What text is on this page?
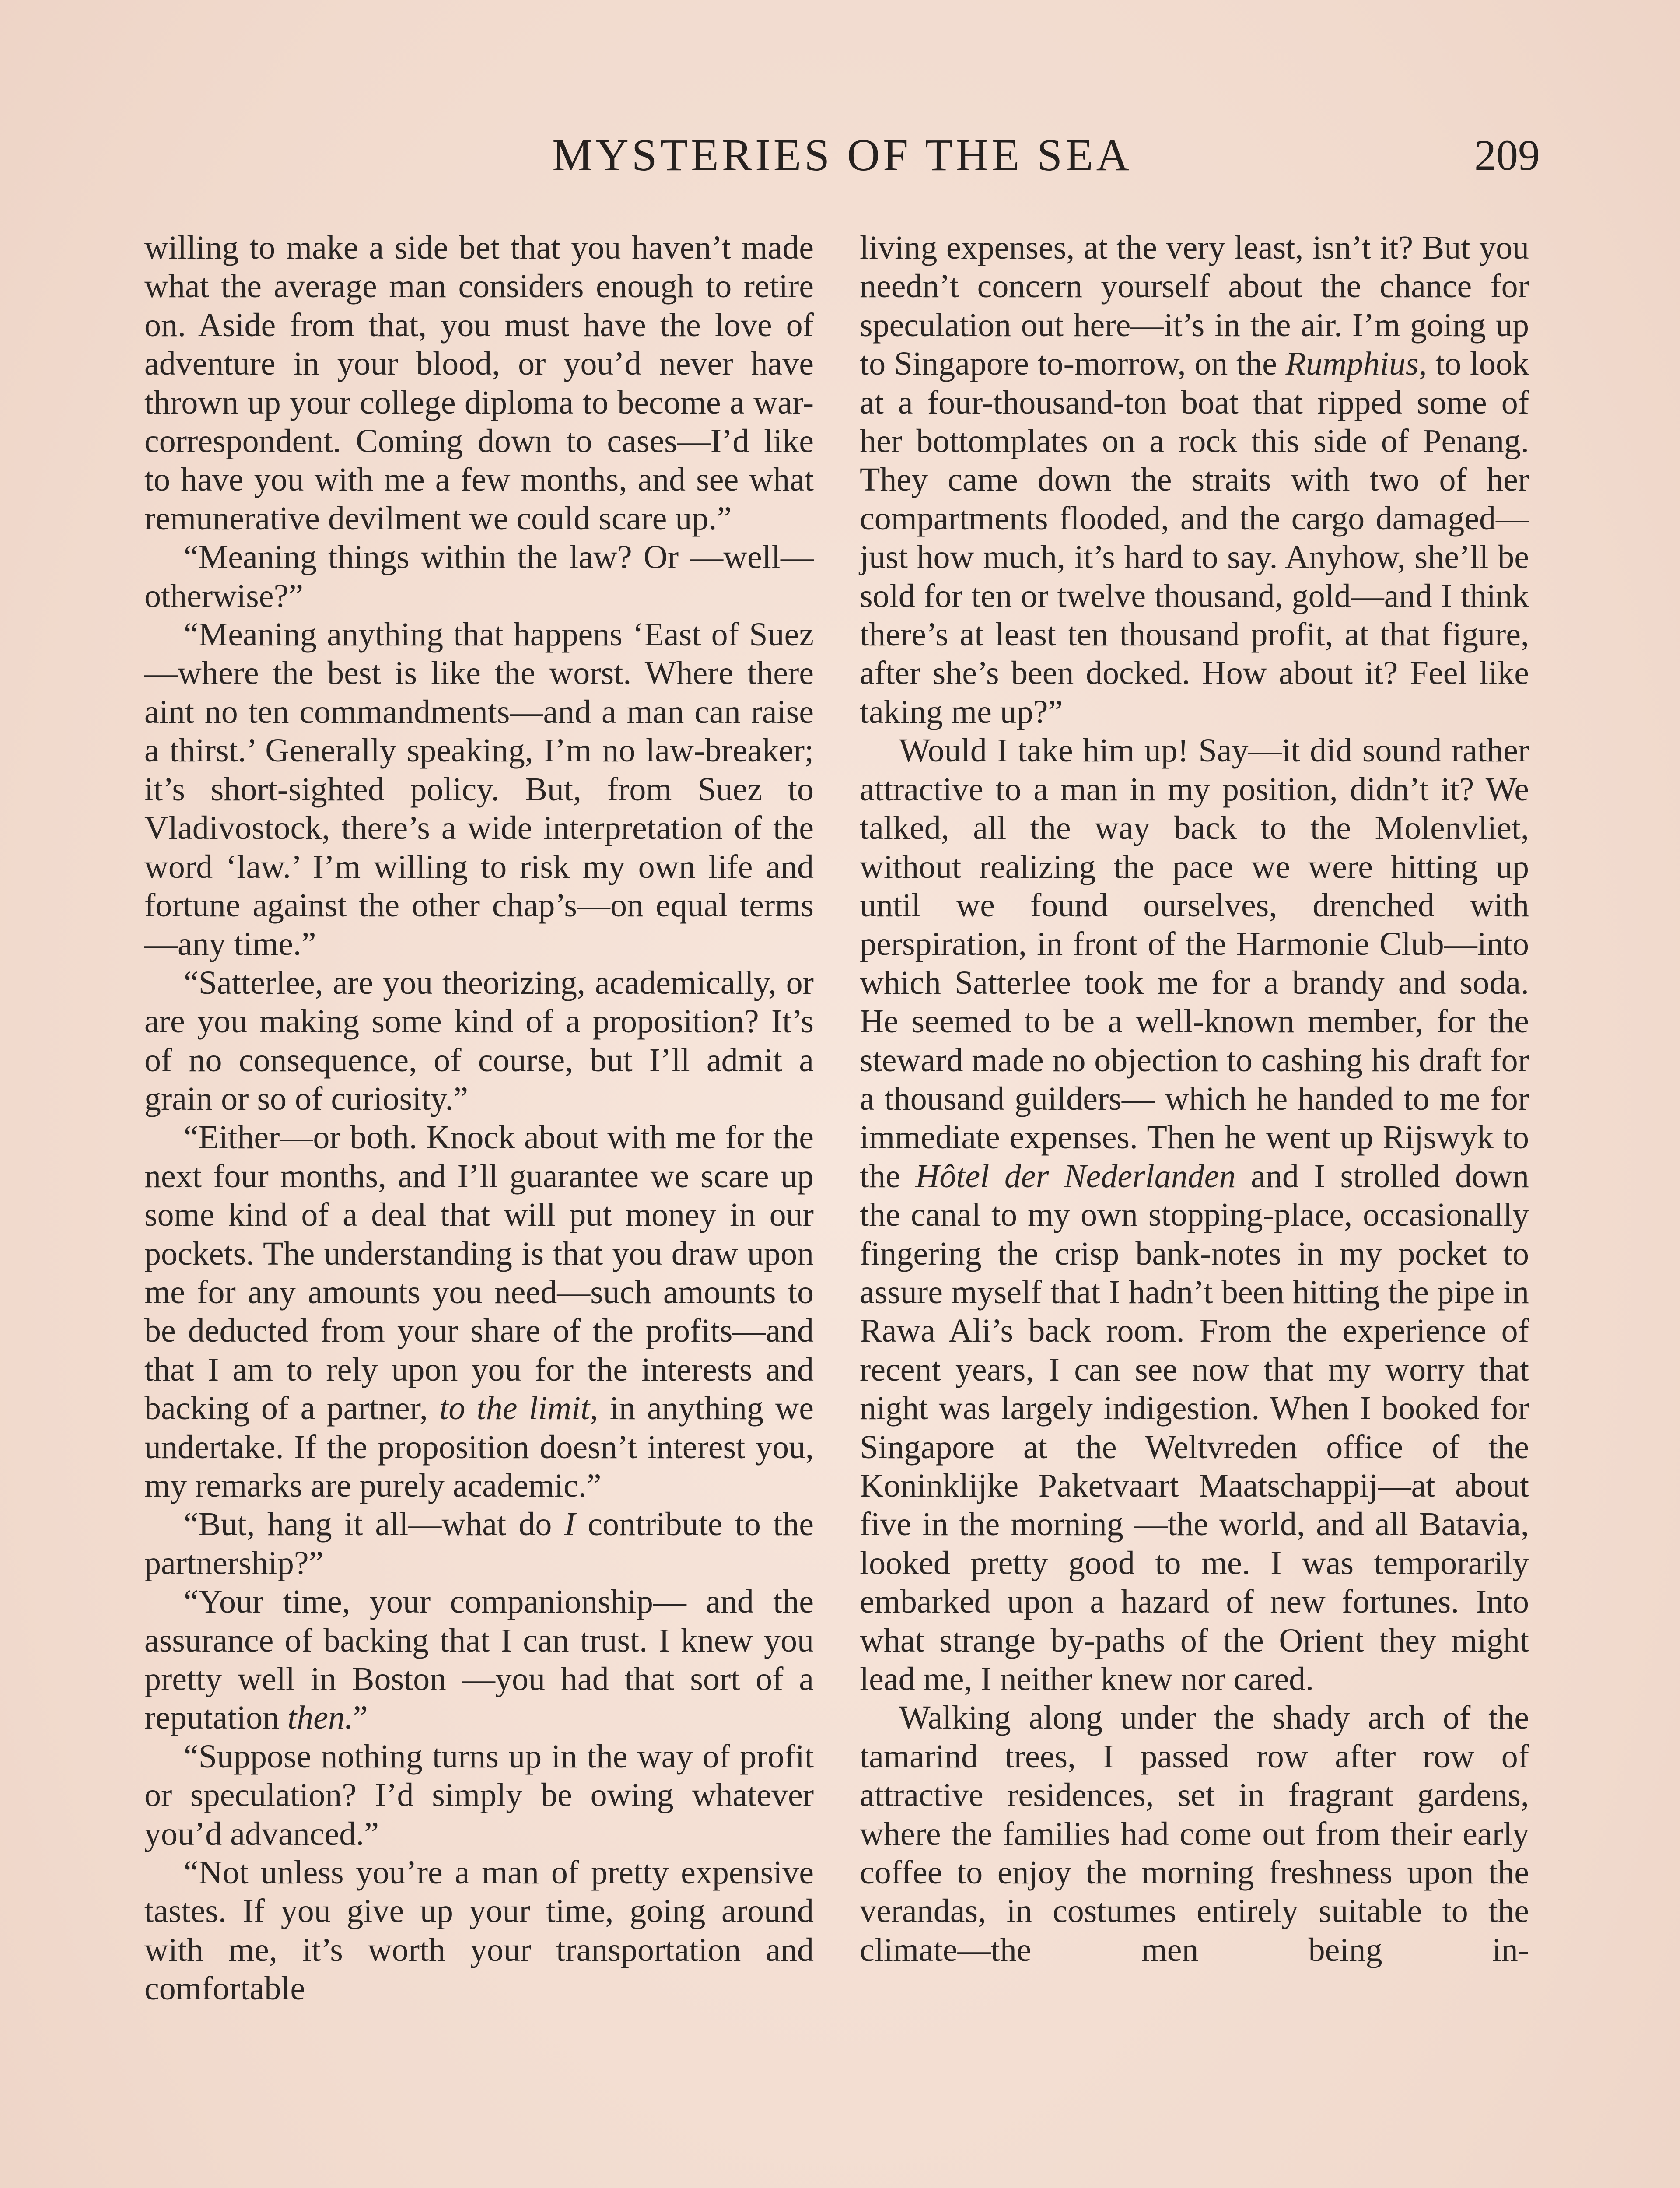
MYSTERIES OF THE SEA	209

willing to make a side bet that you haven’t made what the average man considers enough to retire on. Aside from that, you must have the love of adventure in your blood, or you’d never have thrown up your college diploma to become a war-correspondent. Coming down to cases—I’d like to have you with me a few months, and see what remunerative devilment we could scare up.”

“Meaning things within the law? Or —well—otherwise?”

“Meaning anything that happens ‘East of Suez—where the best is like the worst. Where there aint no ten commandments—and a man can raise a thirst.’ Generally speaking, I’m no law-breaker; it’s short-sighted policy. But, from Suez to Vladivostock, there’s a wide interpretation of the word ‘law.’ I’m willing to risk my own life and fortune against the other chap’s—on equal terms—any time.”

“Satterlee, are you theorizing, academically, or are you making some kind of a proposition? It’s of no consequence, of course, but I’ll admit a grain or so of curiosity.”

“Either—or both. Knock about with me for the next four months, and I’ll guarantee we scare up some kind of a deal that will put money in our pockets. The understanding is that you draw upon me for any amounts you need—such amounts to be deducted from your share of the profits—and that I am to rely upon you for the interests and backing of a partner, to the limit, in anything we undertake. If the proposition doesn’t interest you, my remarks are purely academic.”

“But, hang it all—what do I contribute to the partnership?”

“Your time, your companionship— and the assurance of backing that I can trust. I knew you pretty well in Boston —you had that sort of a reputation then.”

“Suppose nothing turns up in the way of profit or speculation? I’d simply be owing whatever you’d advanced.”

“Not unless you’re a man of pretty expensive tastes. If you give up your time, going around with me, it’s worth your transportation and comfortable

living expenses, at the very least, isn’t it? But you needn’t concern yourself about the chance for speculation out here—it’s in the air. I’m going up to Singapore to-morrow, on the Rumphius, to look at a four-thousand-ton boat that ripped some of her bottomplates on a rock this side of Penang. They came down the straits with two of her compartments flooded, and the cargo damaged—just how much, it’s hard to say. Anyhow, she’ll be sold for ten or twelve thousand, gold—and I think there’s at least ten thousand profit, at that figure, after she’s been docked. How about it? Feel like taking me up?”

Would I take him up! Say—it did sound rather attractive to a man in my position, didn’t it? We talked, all the way back to the Molenvliet, without realizing the pace we were hitting up until we found ourselves, drenched with perspiration, in front of the Harmonie Club—into which Satterlee took me for a brandy and soda. He seemed to be a well-known member, for the steward made no objection to cashing his draft for a thousand guilders— which he handed to me for immediate expenses. Then he went up Rijswyk to the Hôtel der Nederlanden and I strolled down the canal to my own stopping-place, occasionally fingering the crisp bank-notes in my pocket to assure myself that I hadn’t been hitting the pipe in Rawa Ali’s back room. From the experience of recent years, I can see now that my worry that night was largely indigestion. When I booked for Singapore at the Weltvreden office of the Koninklijke Paketvaart Maatschappij—at about five in the morning —the world, and all Batavia, looked pretty good to me. I was temporarily embarked upon a hazard of new fortunes. Into what strange by-paths of the Orient they might lead me, I neither knew nor cared.

Walking along under the shady arch of the tamarind trees, I passed row after row of attractive residences, set in fragrant gardens, where the families had come out from their early coffee to enjoy the morning freshness upon the verandas, in costumes entirely suitable to the climate—the men being in-
